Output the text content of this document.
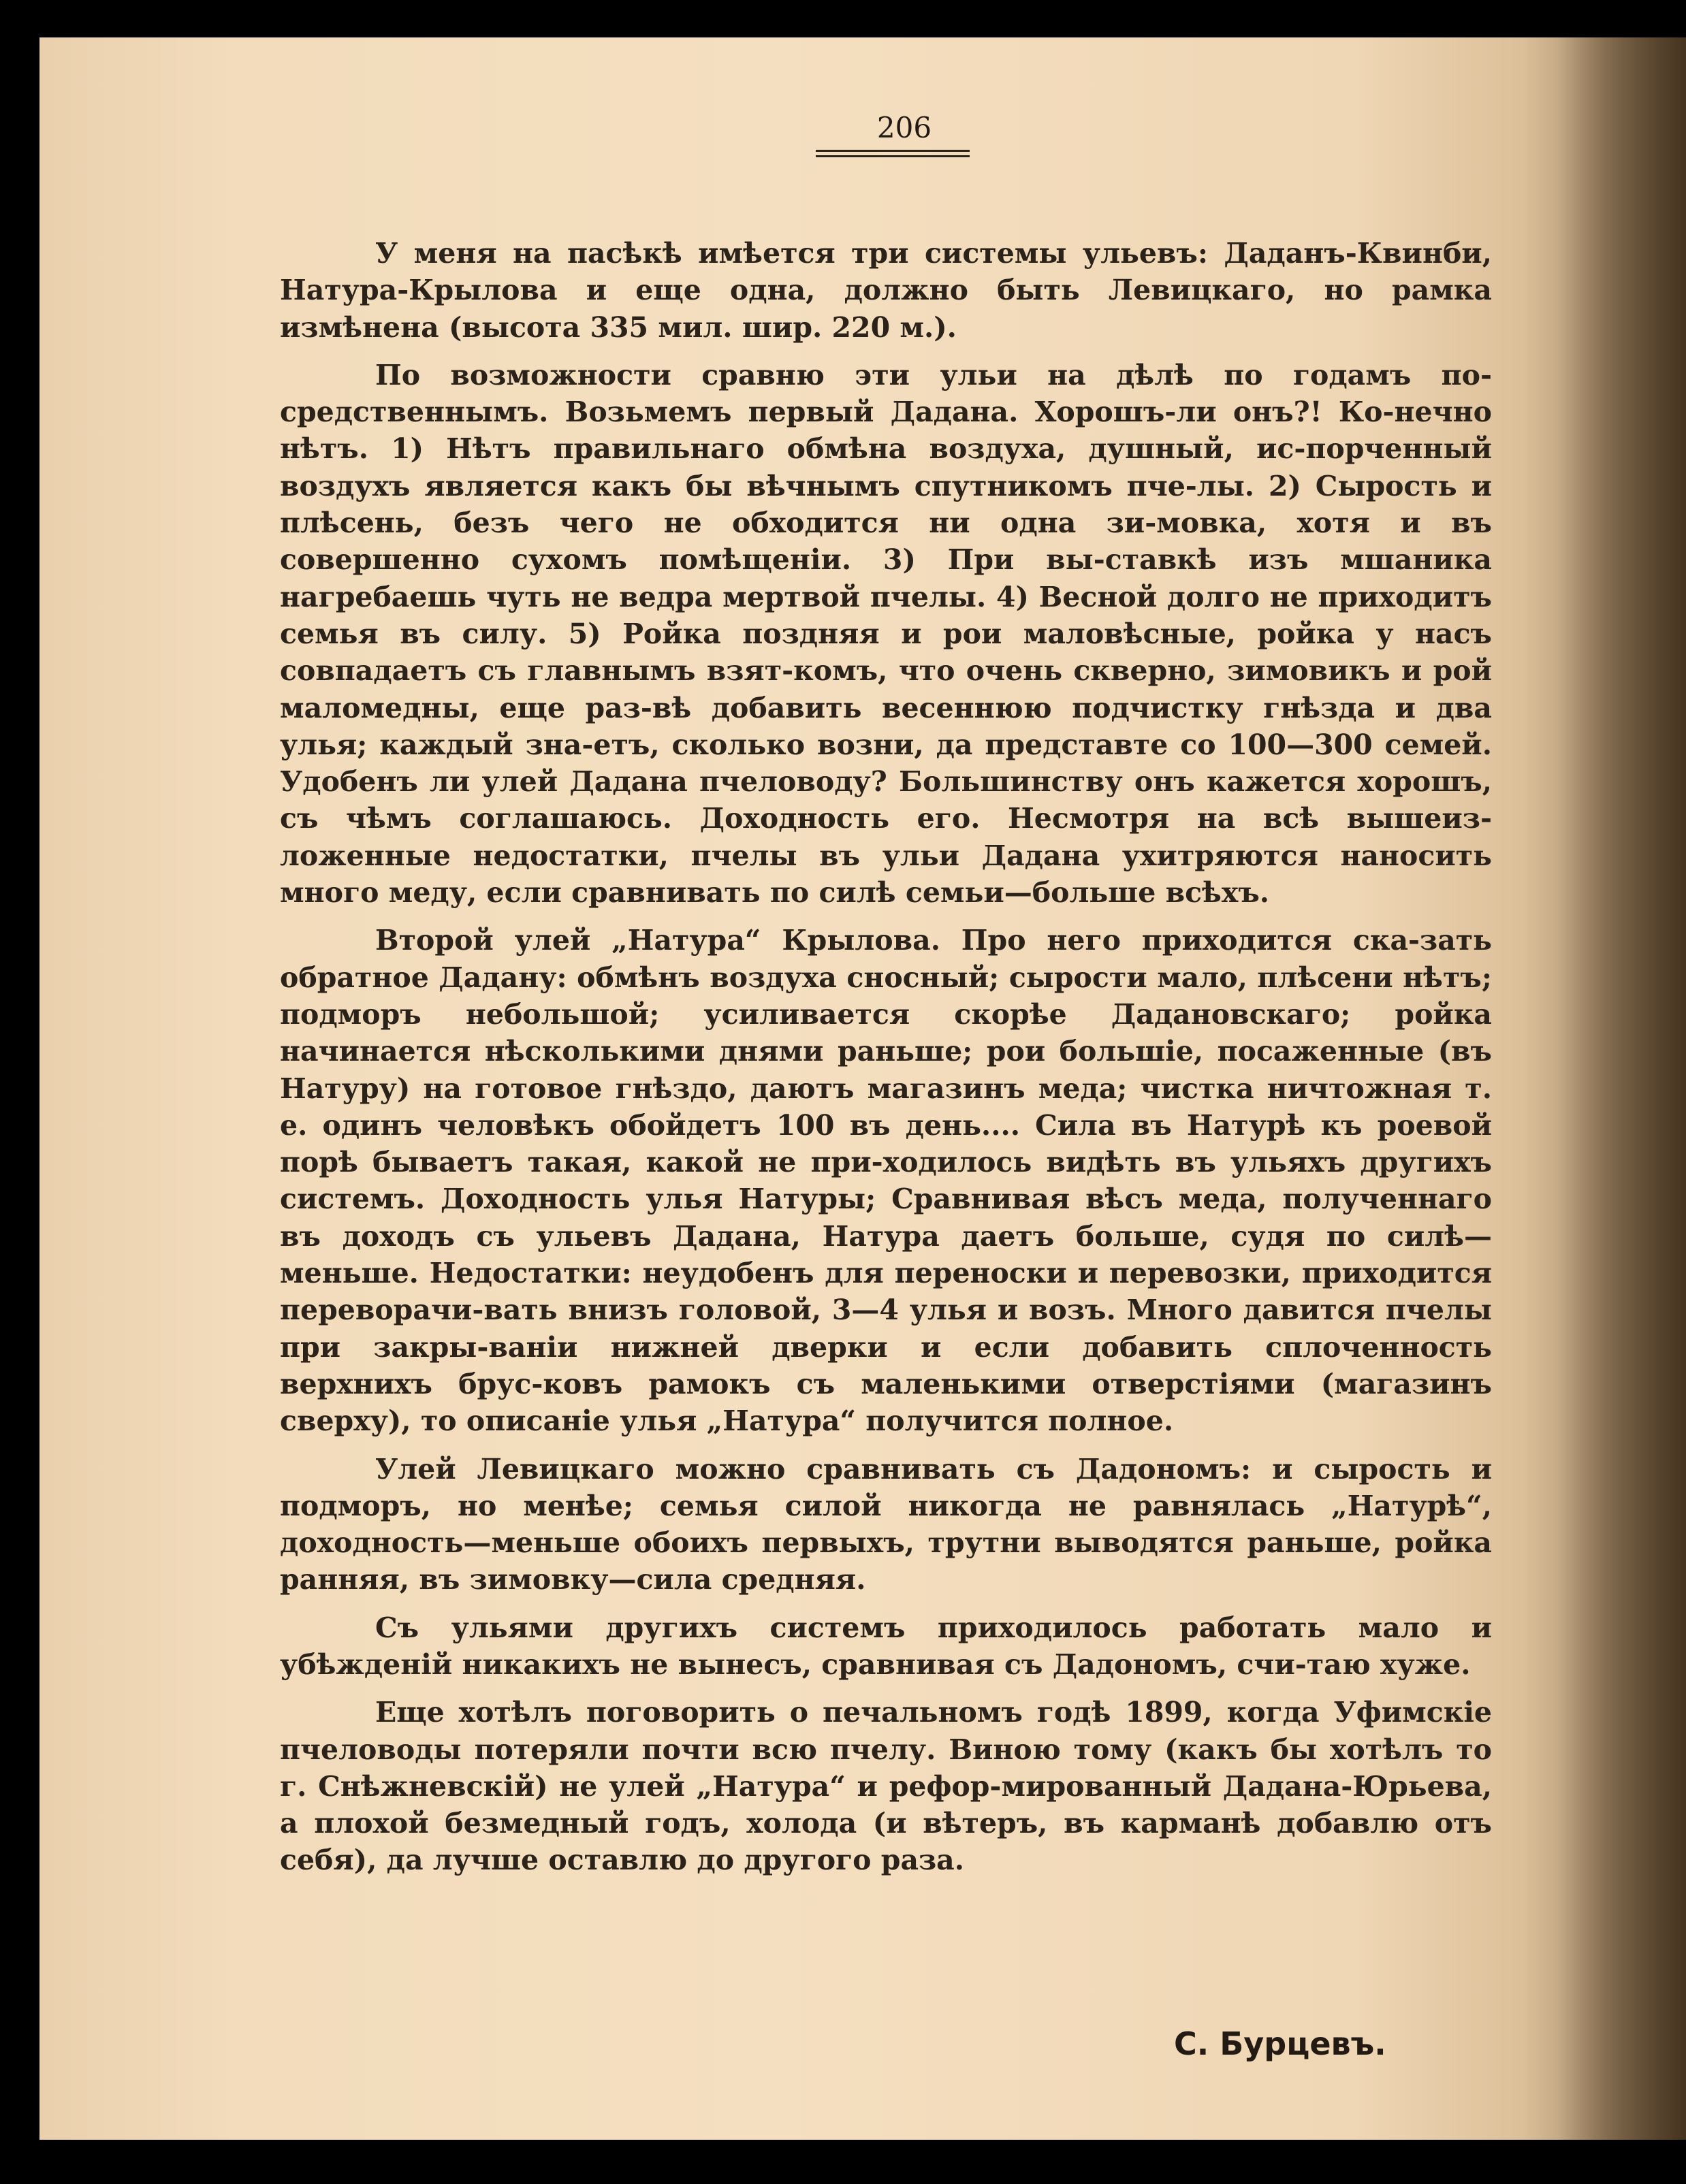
206

У меня на пасѣкѣ имѣется три системы ульевъ: Даданъ-Квинби, Натура-Крылова и еще одна, должно быть Левицкаго, но рамка измѣнена (высота 335 мил. шир. 220 м.).

По возможности сравню эти ульи на дѣлѣ по годамъ по-средственнымъ. Возьмемъ первый Дадана. Хорошъ-ли онъ?! Ко-нечно нѣтъ. 1) Нѣтъ правильнаго обмѣна воздуха, душный, ис-порченный воздухъ является какъ бы вѣчнымъ спутникомъ пче-лы. 2) Сырость и плѣсень, безъ чего не обходится ни одна зи-мовка, хотя и въ совершенно сухомъ помѣщеніи. 3) При вы-ставкѣ изъ мшаника нагребаешь чуть не ведра мертвой пчелы. 4) Весной долго не приходитъ семья въ силу. 5) Ройка поздняя и рои маловѣсные, ройка у насъ совпадаетъ съ главнымъ взят-комъ, что очень скверно, зимовикъ и рой маломедны, еще раз-вѣ добавить весеннюю подчистку гнѣзда и два улья; каждый зна-етъ, сколько возни, да представте со 100—300 семей. Удобенъ ли улей Дадана пчеловоду? Большинству онъ кажется хорошъ, съ чѣмъ соглашаюсь. Доходность его. Несмотря на всѣ вышеиз-ложенные недостатки, пчелы въ ульи Дадана ухитряются наносить много меду, если сравнивать по силѣ семьи—больше всѣхъ.

Второй улей „Натура“ Крылова. Про него приходится ска-зать обратное Дадану: обмѣнъ воздуха сносный; сырости мало, плѣсени нѣтъ; подморъ небольшой; усиливается скорѣе Дадановскаго; ройка начинается нѣсколькими днями раньше; рои большіе, посаженные (въ Натуру) на готовое гнѣздо, даютъ магазинъ меда; чистка ничтожная т. е. одинъ человѣкъ обойдетъ 100 въ день.... Сила въ Натурѣ къ роевой порѣ бываетъ такая, какой не при-ходилось видѣть въ ульяхъ другихъ системъ. Доходность улья Натуры; Сравнивая вѣсъ меда, полученнаго въ доходъ съ ульевъ Дадана, Натура даетъ больше, судя по силѣ—меньше. Недостатки: неудобенъ для переноски и перевозки, приходится переворачи-вать внизъ головой, 3—4 улья и возъ. Много давится пчелы при закры-ваніи нижней дверки и если добавить сплоченность верхнихъ брус-ковъ рамокъ съ маленькими отверстіями (магазинъ сверху), то описаніе улья „Натура“ получится полное.

Улей Левицкаго можно сравнивать съ Дадономъ: и сырость и подморъ, но менѣе; семья силой никогда не равнялась „Натурѣ“, доходность—меньше обоихъ первыхъ, трутни выводятся раньше, ройка ранняя, въ зимовку—сила средняя.

Съ ульями другихъ системъ приходилось работать мало и убѣжденій никакихъ не вынесъ, сравнивая съ Дадономъ, счи-таю хуже.

Еще хотѣлъ поговорить о печальномъ годѣ 1899, когда Уфимскіе пчеловоды потеряли почти всю пчелу. Виною тому (какъ бы хотѣлъ то г. Снѣжневскій) не улей „Натура“ и рефор-мированный Дадана-Юрьева, а плохой безмедный годъ, холода (и вѣтеръ, въ карманѣ добавлю отъ себя), да лучше оставлю до другого раза.

С. Бурцевъ.
